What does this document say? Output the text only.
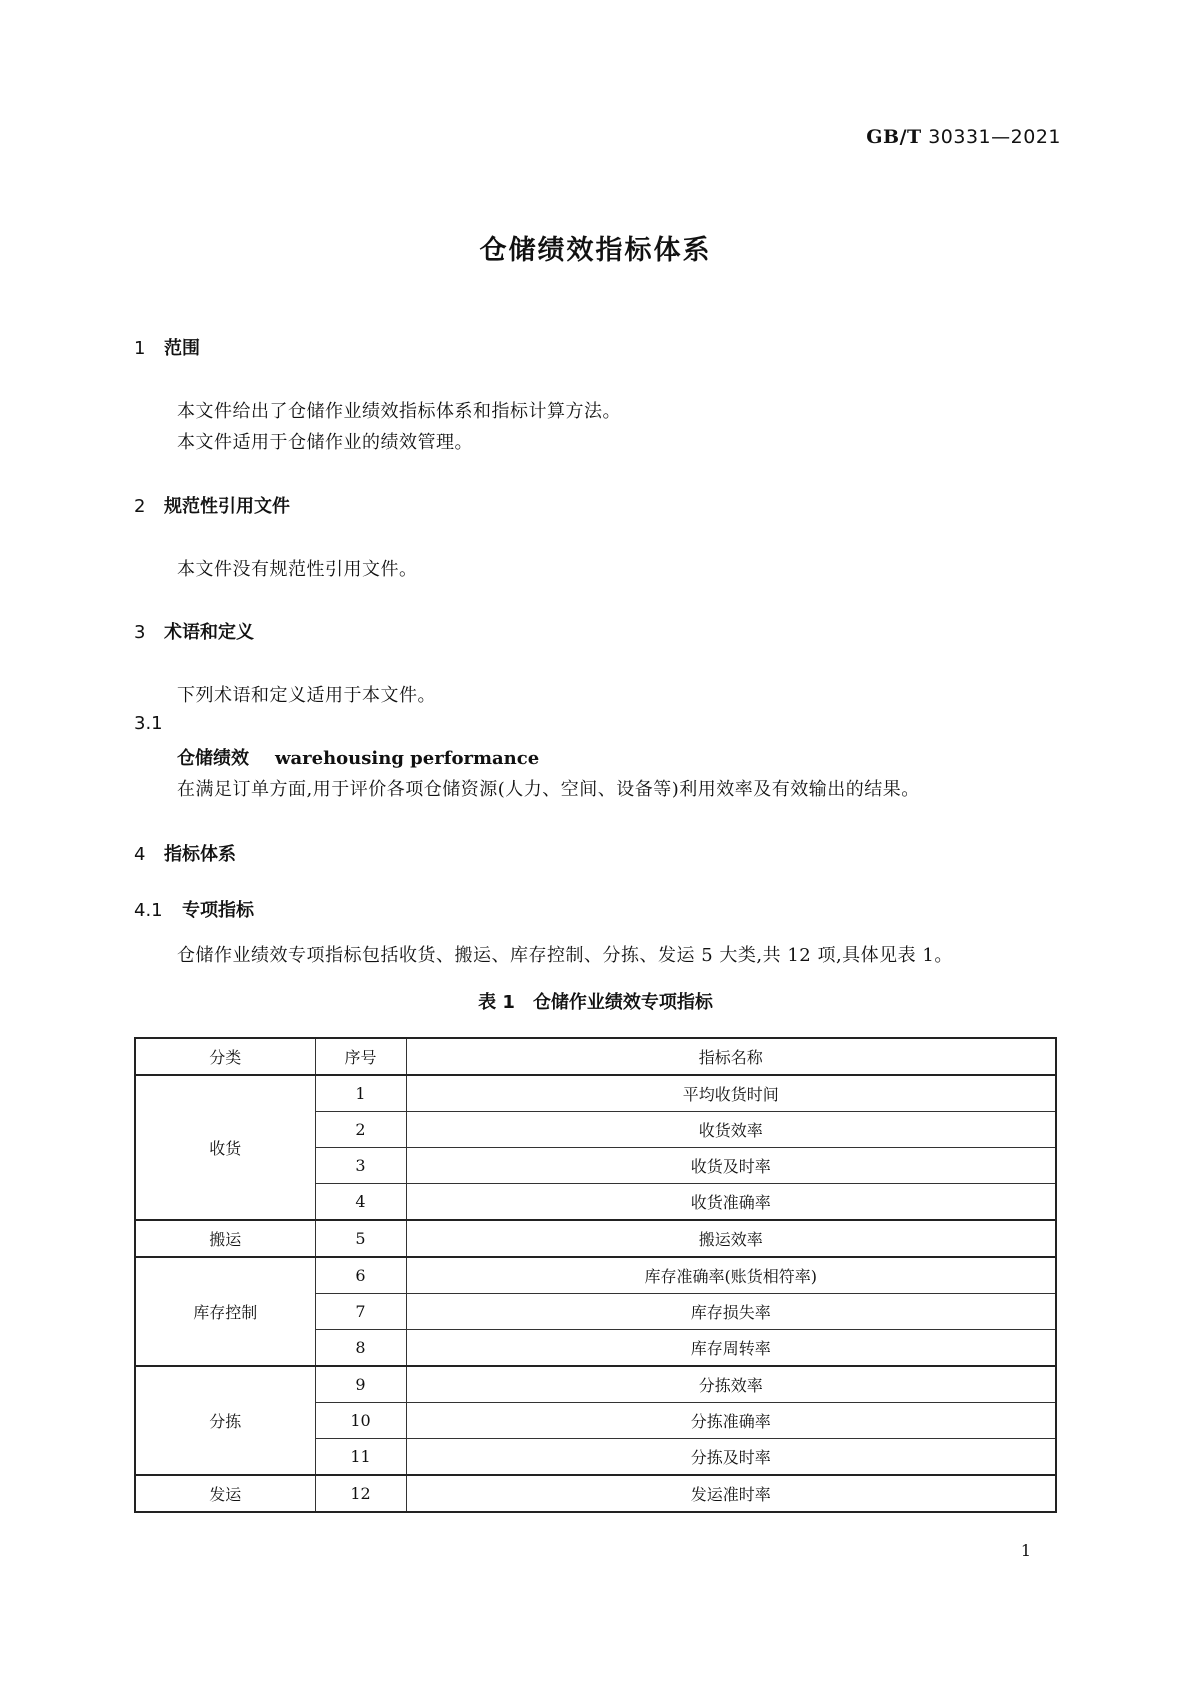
GB/T 30331—2021
仓储绩效指标体系
1 范围
本文件给出了仓储作业绩效指标体系和指标计算方法。
本文件适用于仓储作业的绩效管理。
2 规范性引用文件
本文件没有规范性引用文件。
3 术语和定义
下列术语和定义适用于本文件。
3.1
仓储绩效 warehousing performance
在满足订单方面,用于评价各项仓储资源(人力、空间、设备等)利用效率及有效输出的结果。
4 指标体系
4.1 专项指标
仓储作业绩效专项指标包括收货、搬运、库存控制、分拣、发运 5 大类,共 12 项,具体见表 1。
表 1　仓储作业绩效专项指标
分类	序号	指标名称
收货	1	平均收货时间
	2	收货效率
	3	收货及时率
	4	收货准确率
搬运	5	搬运效率
库存控制	6	库存准确率(账货相符率)
	7	库存损失率
	8	库存周转率
分拣	9	分拣效率
	10	分拣准确率
	11	分拣及时率
发运	12	发运准时率
1
